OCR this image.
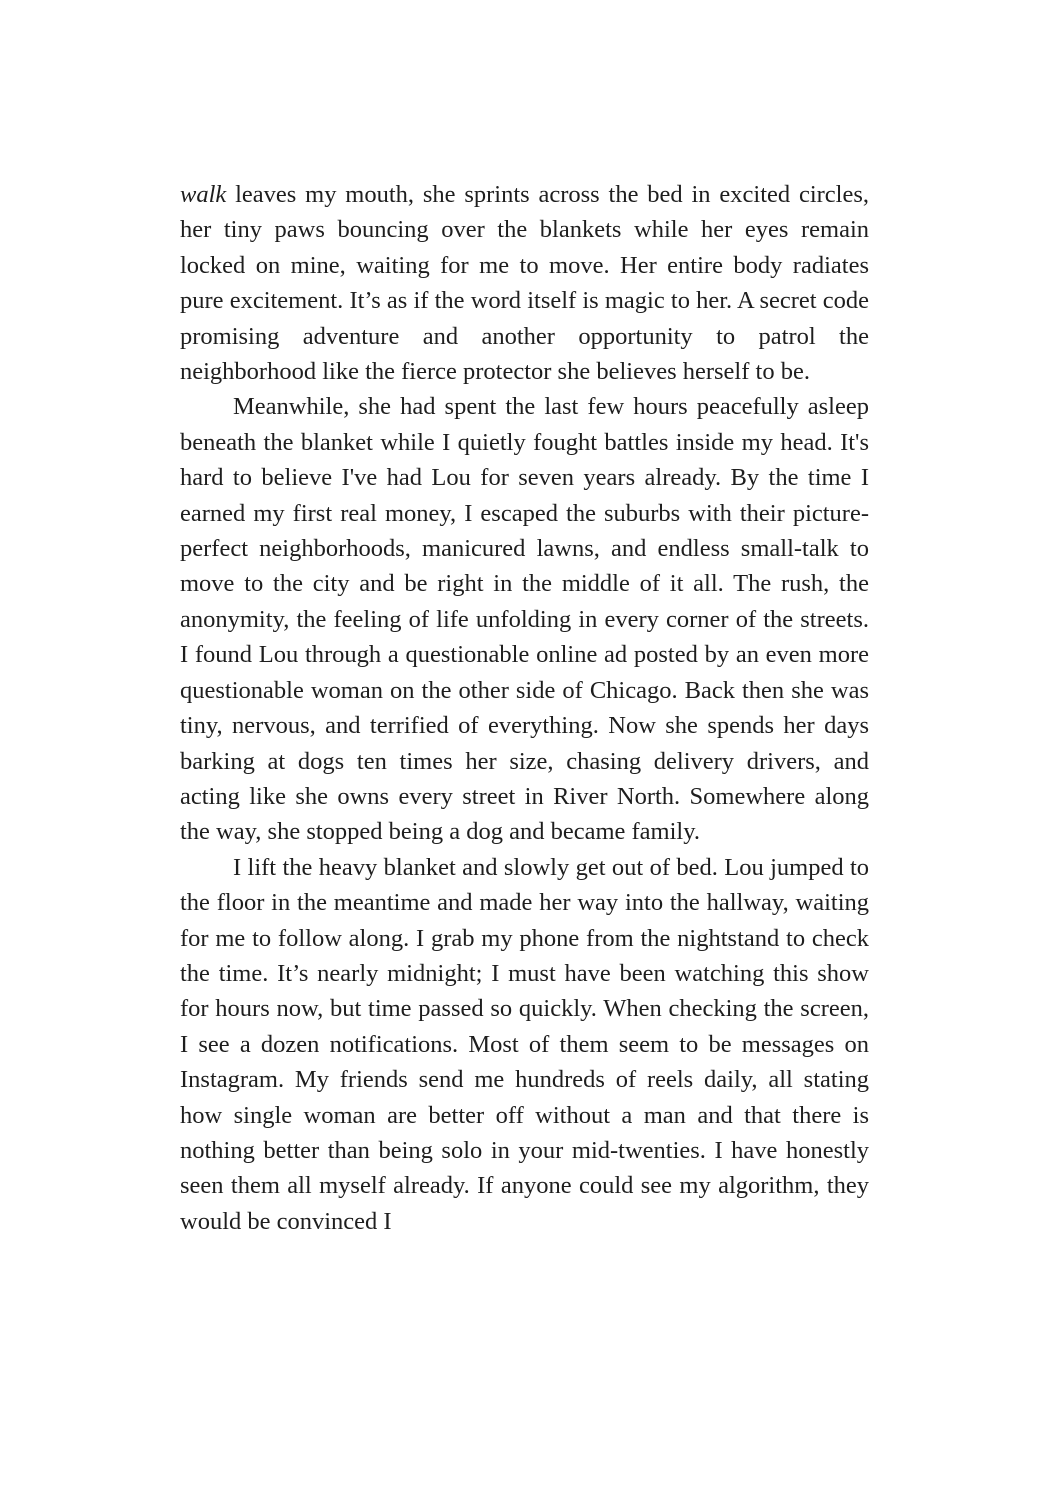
walk leaves my mouth, she sprints across the bed in excited circles, her tiny paws bouncing over the blankets while her eyes remain locked on mine, waiting for me to move. Her entire body radiates pure excitement. It’s as if the word itself is magic to her. A secret code promising adventure and another opportunity to patrol the neighborhood like the fierce protector she believes herself to be.

Meanwhile, she had spent the last few hours peacefully asleep beneath the blanket while I quietly fought battles inside my head. It's hard to believe I've had Lou for seven years already. By the time I earned my first real money, I escaped the suburbs with their picture-perfect neighborhoods, manicured lawns, and endless small-talk to move to the city and be right in the middle of it all. The rush, the anonymity, the feeling of life unfolding in every corner of the streets. I found Lou through a questionable online ad posted by an even more questionable woman on the other side of Chicago. Back then she was tiny, nervous, and terrified of everything. Now she spends her days barking at dogs ten times her size, chasing delivery drivers, and acting like she owns every street in River North. Somewhere along the way, she stopped being a dog and became family.

I lift the heavy blanket and slowly get out of bed. Lou jumped to the floor in the meantime and made her way into the hallway, waiting for me to follow along. I grab my phone from the nightstand to check the time. It’s nearly midnight; I must have been watching this show for hours now, but time passed so quickly. When checking the screen, I see a dozen notifications. Most of them seem to be messages on Instagram. My friends send me hundreds of reels daily, all stating how single woman are better off without a man and that there is nothing better than being solo in your mid-twenties. I have honestly seen them all myself already. If anyone could see my algorithm, they would be convinced I
